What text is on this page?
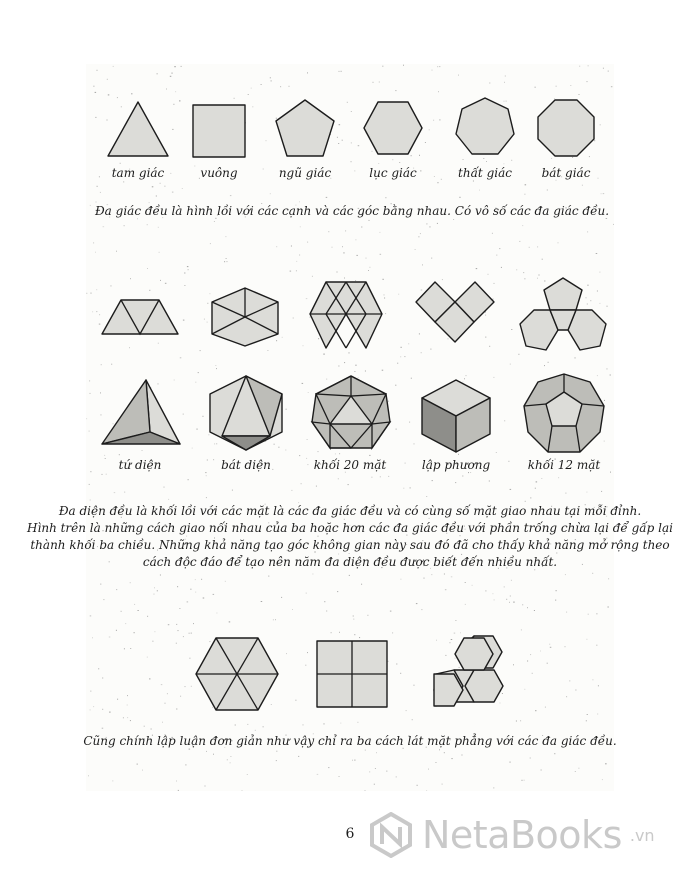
tam giác	vuông	ngũ giác	lục giác	thất giác bát giác
Đa giác đều là hình lồi với các cạnh và các góc bằng nhau. Có vô số các đa giác đều.
tứ diện	bát diện	khối 20 mặt	lập phương	khối 12 mặt
Đa diện đều là khối lồi với các mặt là các đa giác đều và có cùng số mặt giao nhau tại mỗi đỉnh.
Hình trên là những cách giao nối nhau của ba hoặc hơn các đa giác đều với phần trống chừa lại để gấp lại
thành khối ba chiều. Những khả năng tạo góc không gian này sau đó đã cho thấy khả năng mở rộng theo
cách độc đáo để tạo nên năm đa diện đều được biết đến nhiều nhất.
Cũng chính lập luận đơn giản như vậy chỉ ra ba cách lát mặt phẳng với các đa giác đều.
6 NetaBooks .vn
